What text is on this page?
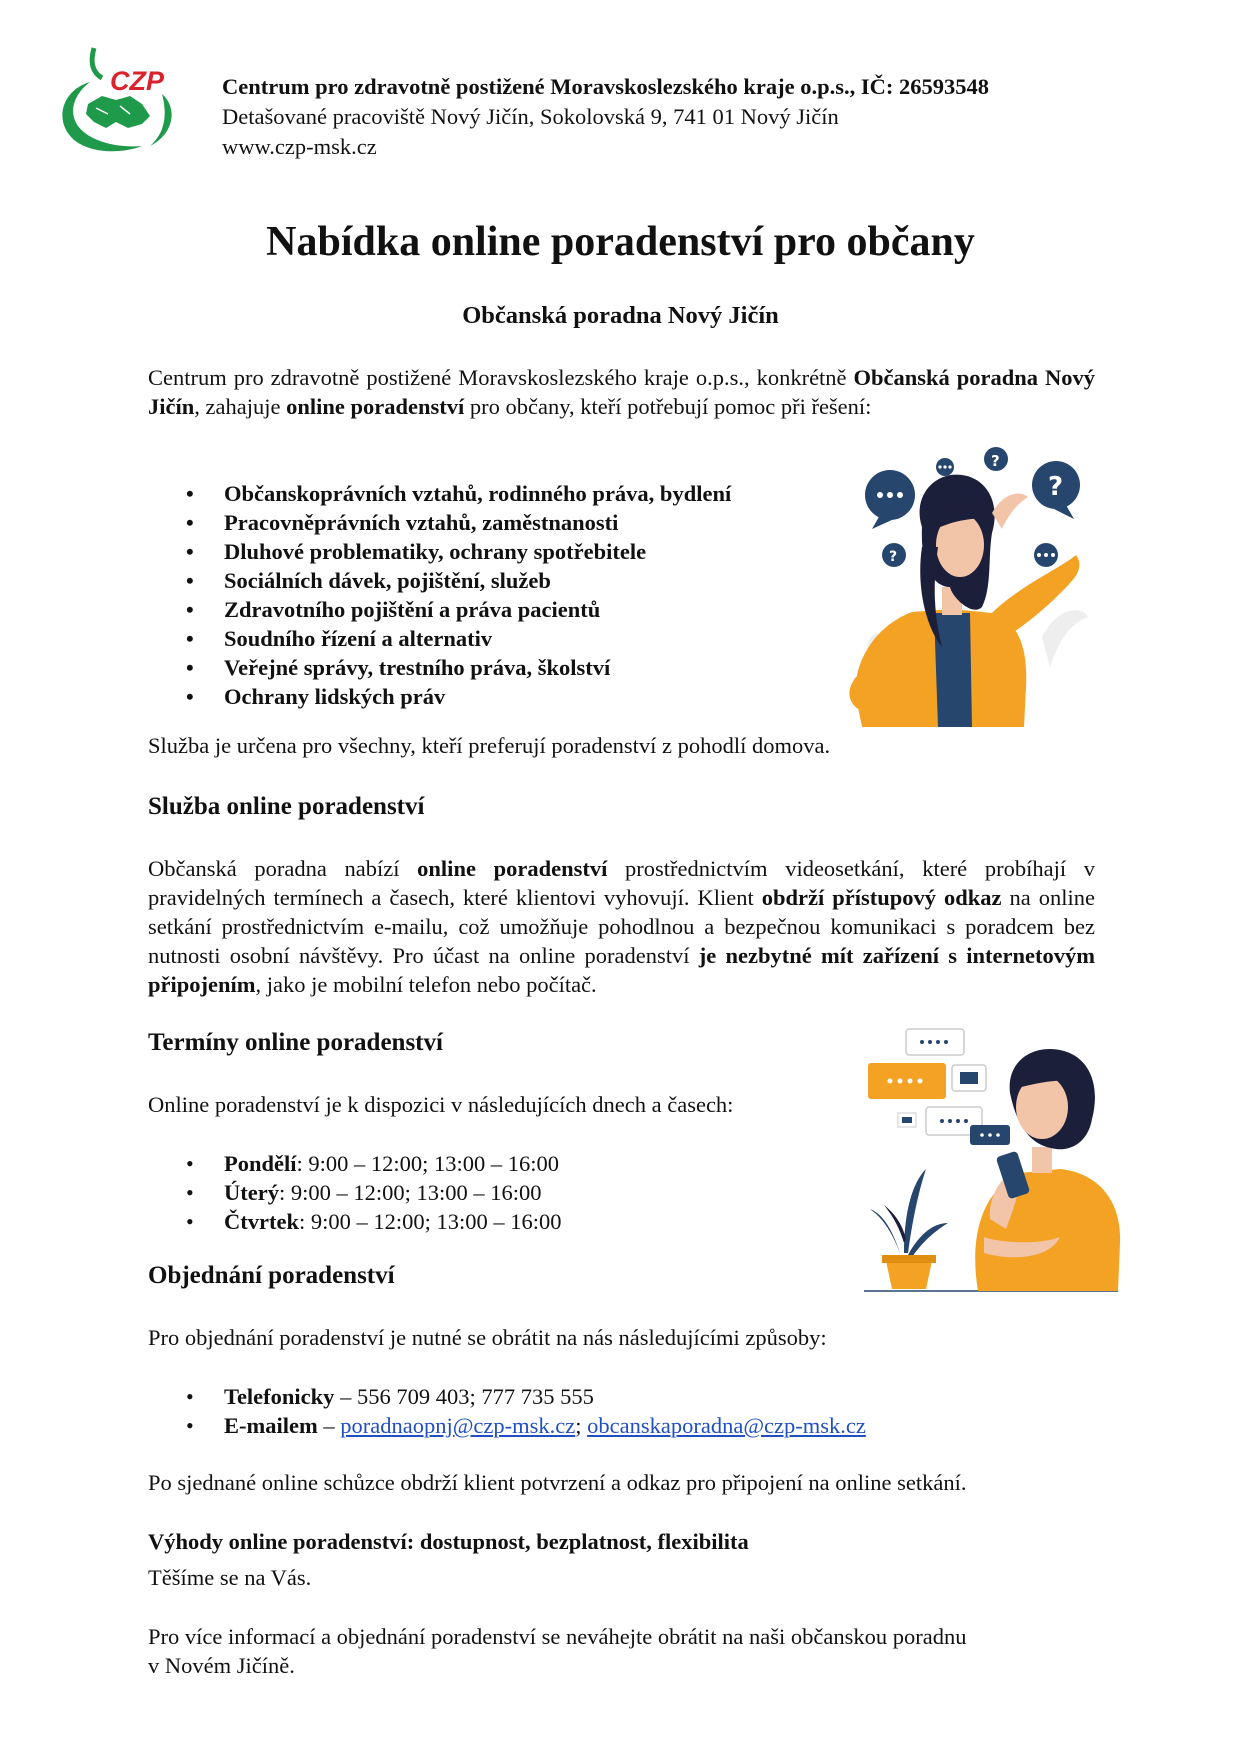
CZP	Centrum pro zdravotně postižené Moravskoslezského kraje o.p.s., IČ: 26593548
Detašované pracoviště Nový Jičín, Sokolovská 9, 741 01 Nový Jičín
www.czp-msk.cz
Nabídka online poradenství pro občany
Občanská poradna Nový Jičín
Centrum pro zdravotně postižené Moravskoslezského kraje o.p.s., konkrétně Občanská poradna Nový Jičín, zahajuje online poradenství pro občany, kteří potřebují pomoc při řešení:
• Občanskoprávních vztahů, rodinného práva, bydlení
• Pracovněprávních vztahů, zaměstnanosti
• Dluhové problematiky, ochrany spotřebitele
• Sociálních dávek, pojištění, služeb
• Zdravotního pojištění a práva pacientů
• Soudního řízení a alternativ
• Veřejné správy, trestního práva, školství
• Ochrany lidských práv
?
?
?
Služba je určena pro všechny, kteří preferují poradenství z pohodlí domova.
Služba online poradenství
Občanská poradna nabízí online poradenství prostřednictvím videosetkání, které probíhají v pravidelných termínech a časech, které klientovi vyhovují. Klient obdrží přístupový odkaz na online setkání prostřednictvím e-mailu, což umožňuje pohodlnou a bezpečnou komunikaci s poradcem bez nutnosti osobní návštěvy. Pro účast na online poradenství je nezbytné mít zařízení s internetovým připojením, jako je mobilní telefon nebo počítač.
Termíny online poradenství
Online poradenství je k dispozici v následujících dnech a časech:
• Pondělí: 9:00 – 12:00; 13:00 – 16:00
• Úterý: 9:00 – 12:00; 13:00 – 16:00
• Čtvrtek: 9:00 – 12:00; 13:00 – 16:00
Objednání poradenství
Pro objednání poradenství je nutné se obrátit na nás následujícími způsoby:
• Telefonicky – 556 709 403; 777 735 555
• E-mailem – poradnaopnj@czp-msk.cz; obcanskaporadna@czp-msk.cz
Po sjednané online schůzce obdrží klient potvrzení a odkaz pro připojení na online setkání.
Výhody online poradenství: dostupnost, bezplatnost, flexibilita
Těšíme se na Vás.
Pro více informací a objednání poradenství se neváhejte obrátit na naši občanskou poradnu
v Novém Jičíně.
